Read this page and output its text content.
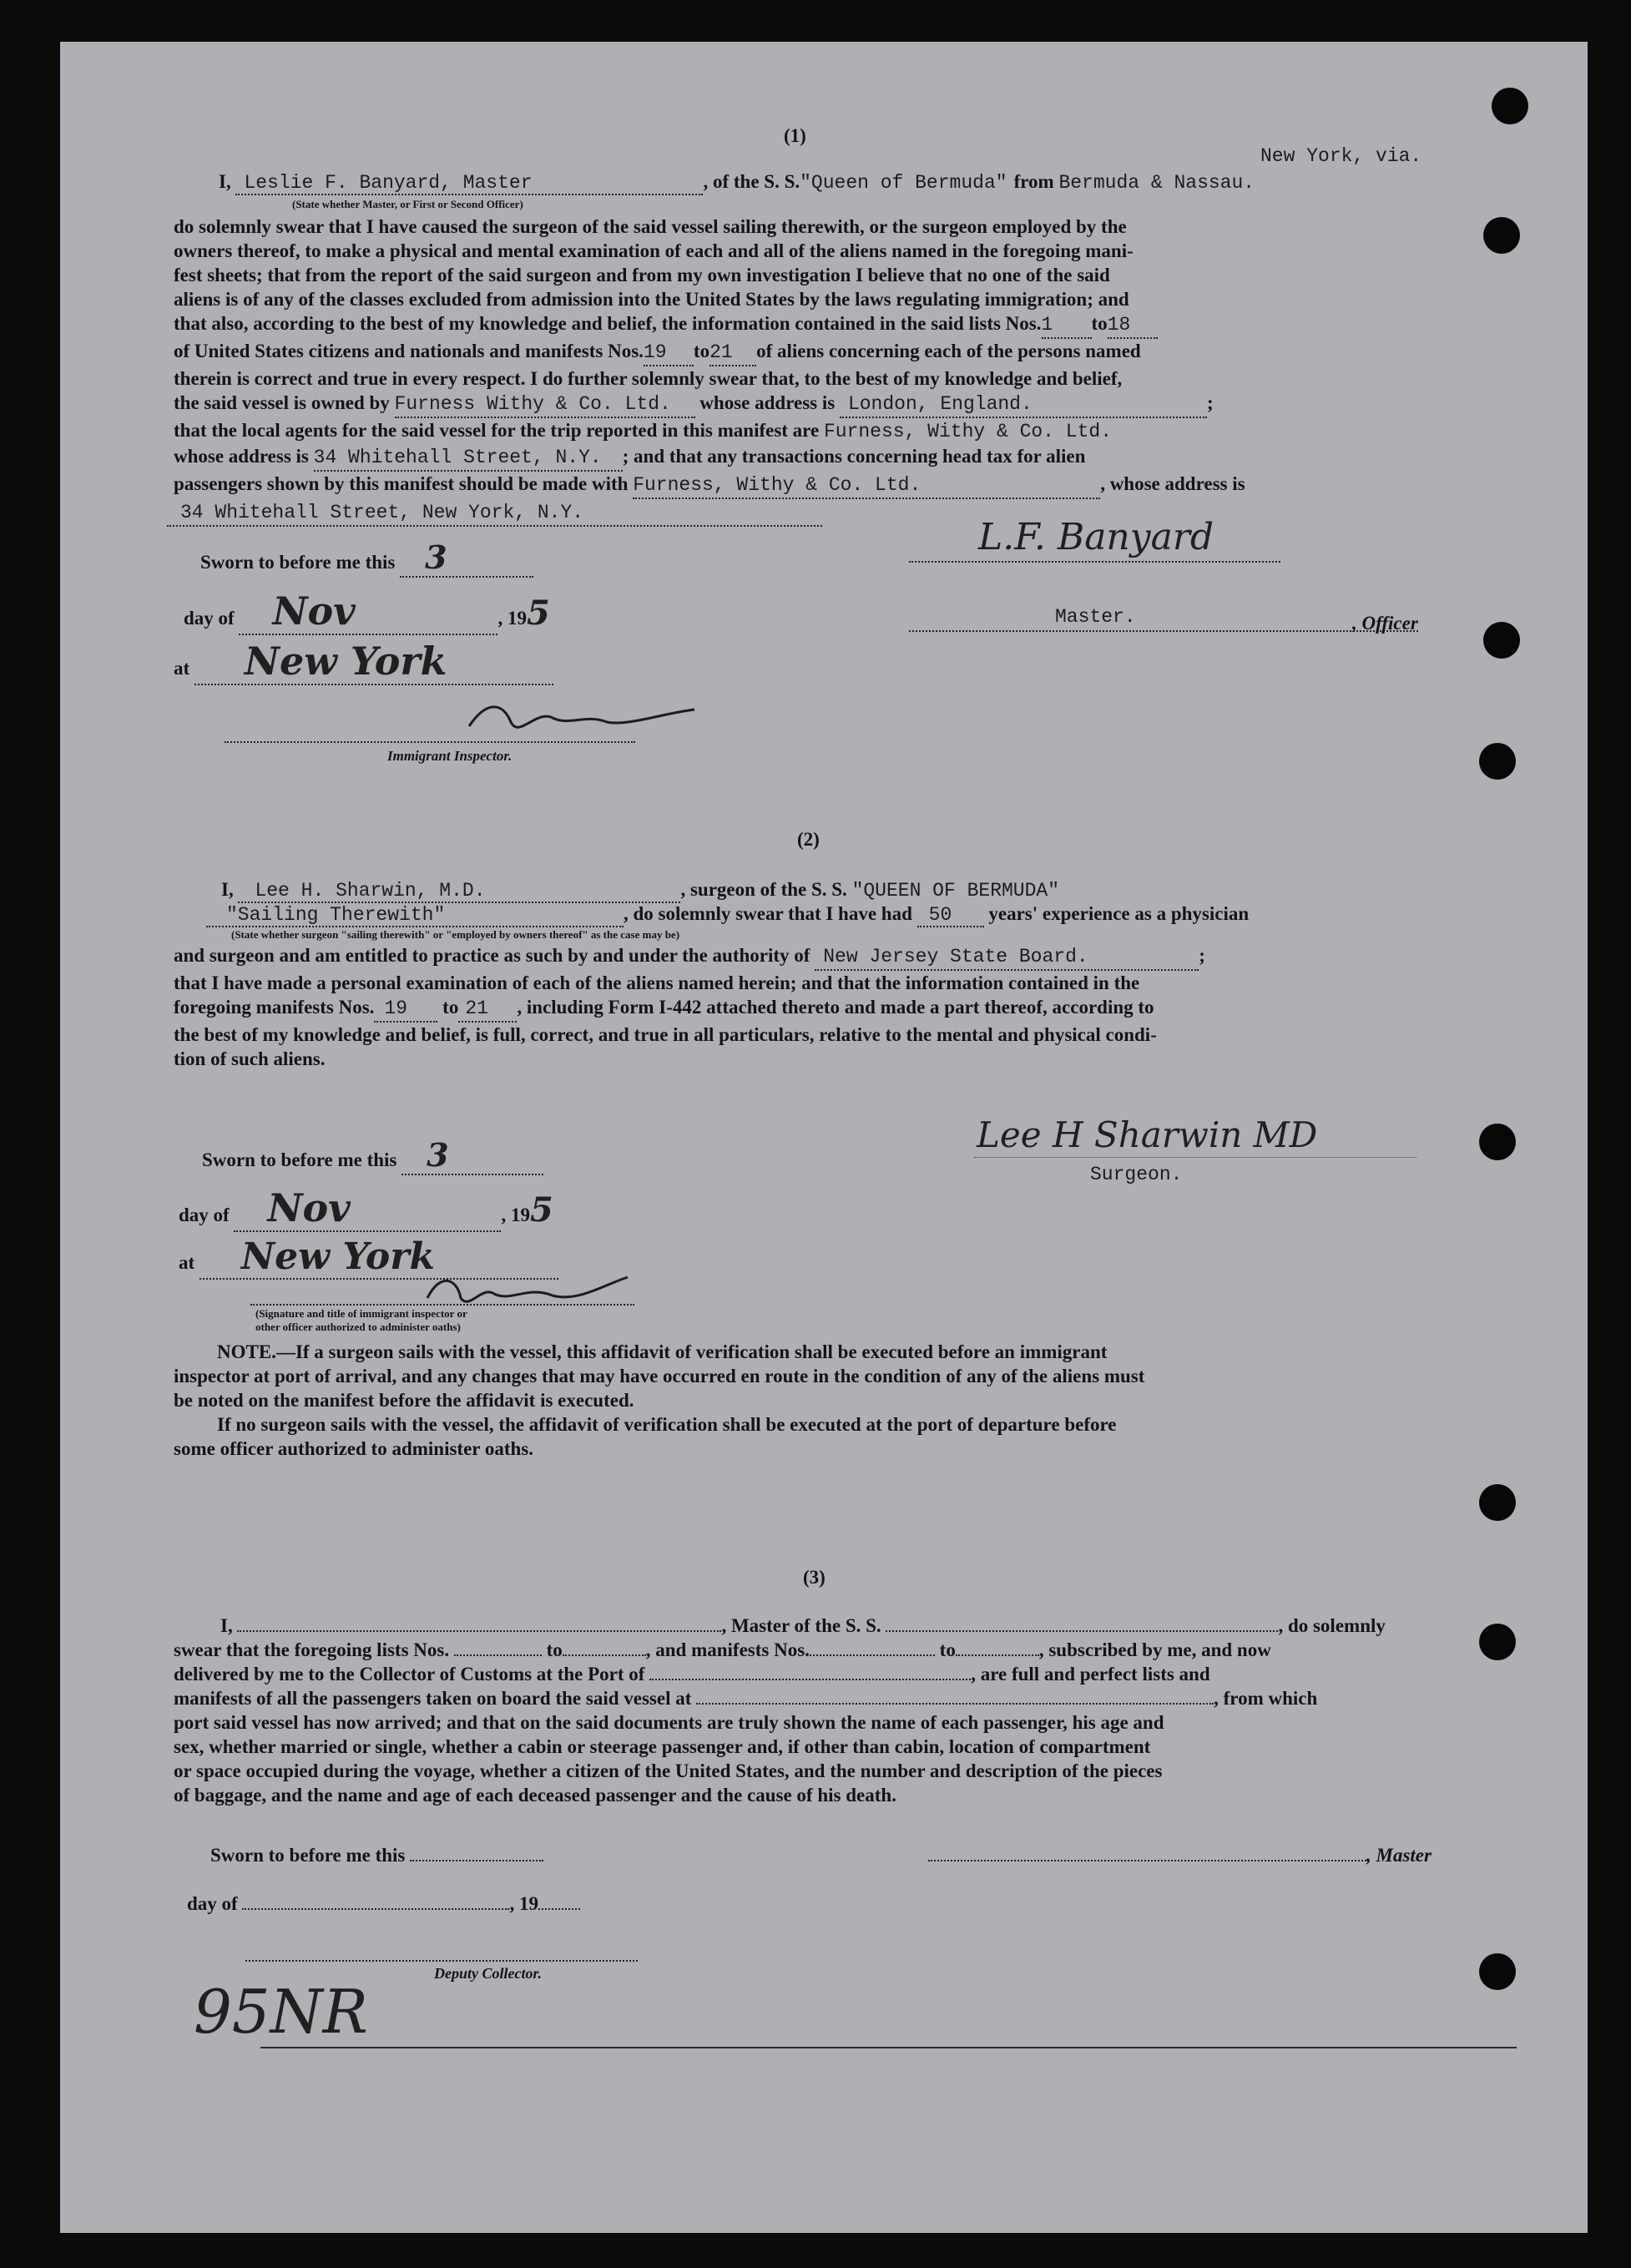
(1)
New York, via.
I, Leslie F. Banyard, Master	, of the S. S."Queen of Bermuda" from Bermuda & Nassau.
(State whether Master, or First or Second Officer)
do solemnly swear that I have caused the surgeon of the said vessel sailing therewith, or the surgeon employed by the
owners thereof, to make a physical and mental examination of each and all of the aliens named in the foregoing mani-
fest sheets; that from the report of the said surgeon and from my own investigation I believe that no one of the said
aliens is of any of the classes excluded from admission into the United States by the laws regulating immigration; and
that also, according to the best of my knowledge and belief, the information contained in the said lists Nos.1 to18
of United States citizens and nationals and manifests Nos.19 to21 of aliens concerning each of the persons named
therein is correct and true in every respect. I do further solemnly swear that, to the best of my knowledge and belief,
the said vessel is owned by Furness Withy & Co. Ltd. whose address is London, England.	;
that the local agents for the said vessel for the trip reported in this manifest are Furness, Withy & Co. Ltd.
whose address is 34 Whitehall Street, N.Y. ; and that any transactions concerning head tax for alien
passengers shown by this manifest should be made with Furness, Withy & Co. Ltd.	, whose address is
34 Whitehall Street, New York, N.Y.
Sworn to before me this 3
day of Nov	, 195
at New York
Immigrant Inspector.
L.F. Banyard
Master.	, Officer
(2)
I, Lee H. Sharwin, M.D.	, surgeon of the S. S. "QUEEN OF BERMUDA"
"Sailing Therewith"	, do solemnly swear that I have had 50 years' experience as a physician
(State whether surgeon "sailing therewith" or "employed by owners thereof" as the case may be)
and surgeon and am entitled to practice as such by and under the authority of New Jersey State Board.	;
that I have made a personal examination of each of the aliens named herein; and that the information contained in the
foregoing manifests Nos. 19 to 21 , including Form I-442 attached thereto and made a part thereof, according to
the best of my knowledge and belief, is full, correct, and true in all particulars, relative to the mental and physical condi-
tion of such aliens.
Sworn to before me this 3
day of Nov	, 195
at New York
(Signature and title of immigrant inspector or
other officer authorized to administer oaths)
Lee H Sharwin MD
Surgeon.
NOTE.—If a surgeon sails with the vessel, this affidavit of verification shall be executed before an immigrant
inspector at port of arrival, and any changes that may have occurred en route in the condition of any of the aliens must
be noted on the manifest before the affidavit is executed.
If no surgeon sails with the vessel, the affidavit of verification shall be executed at the port of departure before
some officer authorized to administer oaths.
(3)
I,	, Master of the S. S.	, do solemnly
swear that the foregoing lists Nos.	to	, and manifests Nos.	to	, subscribed by me, and now
delivered by me to the Collector of Customs at the Port of	, are full and perfect lists and
manifests of all the passengers taken on board the said vessel at	, from which
port said vessel has now arrived; and that on the said documents are truly shown the name of each passenger, his age and
sex, whether married or single, whether a cabin or steerage passenger and, if other than cabin, location of compartment
or space occupied during the voyage, whether a citizen of the United States, and the number and description of the pieces
of baggage, and the name and age of each deceased passenger and the cause of his death.
Sworn to before me this	, Master
day of	, 19
Deputy Collector.
95NR
